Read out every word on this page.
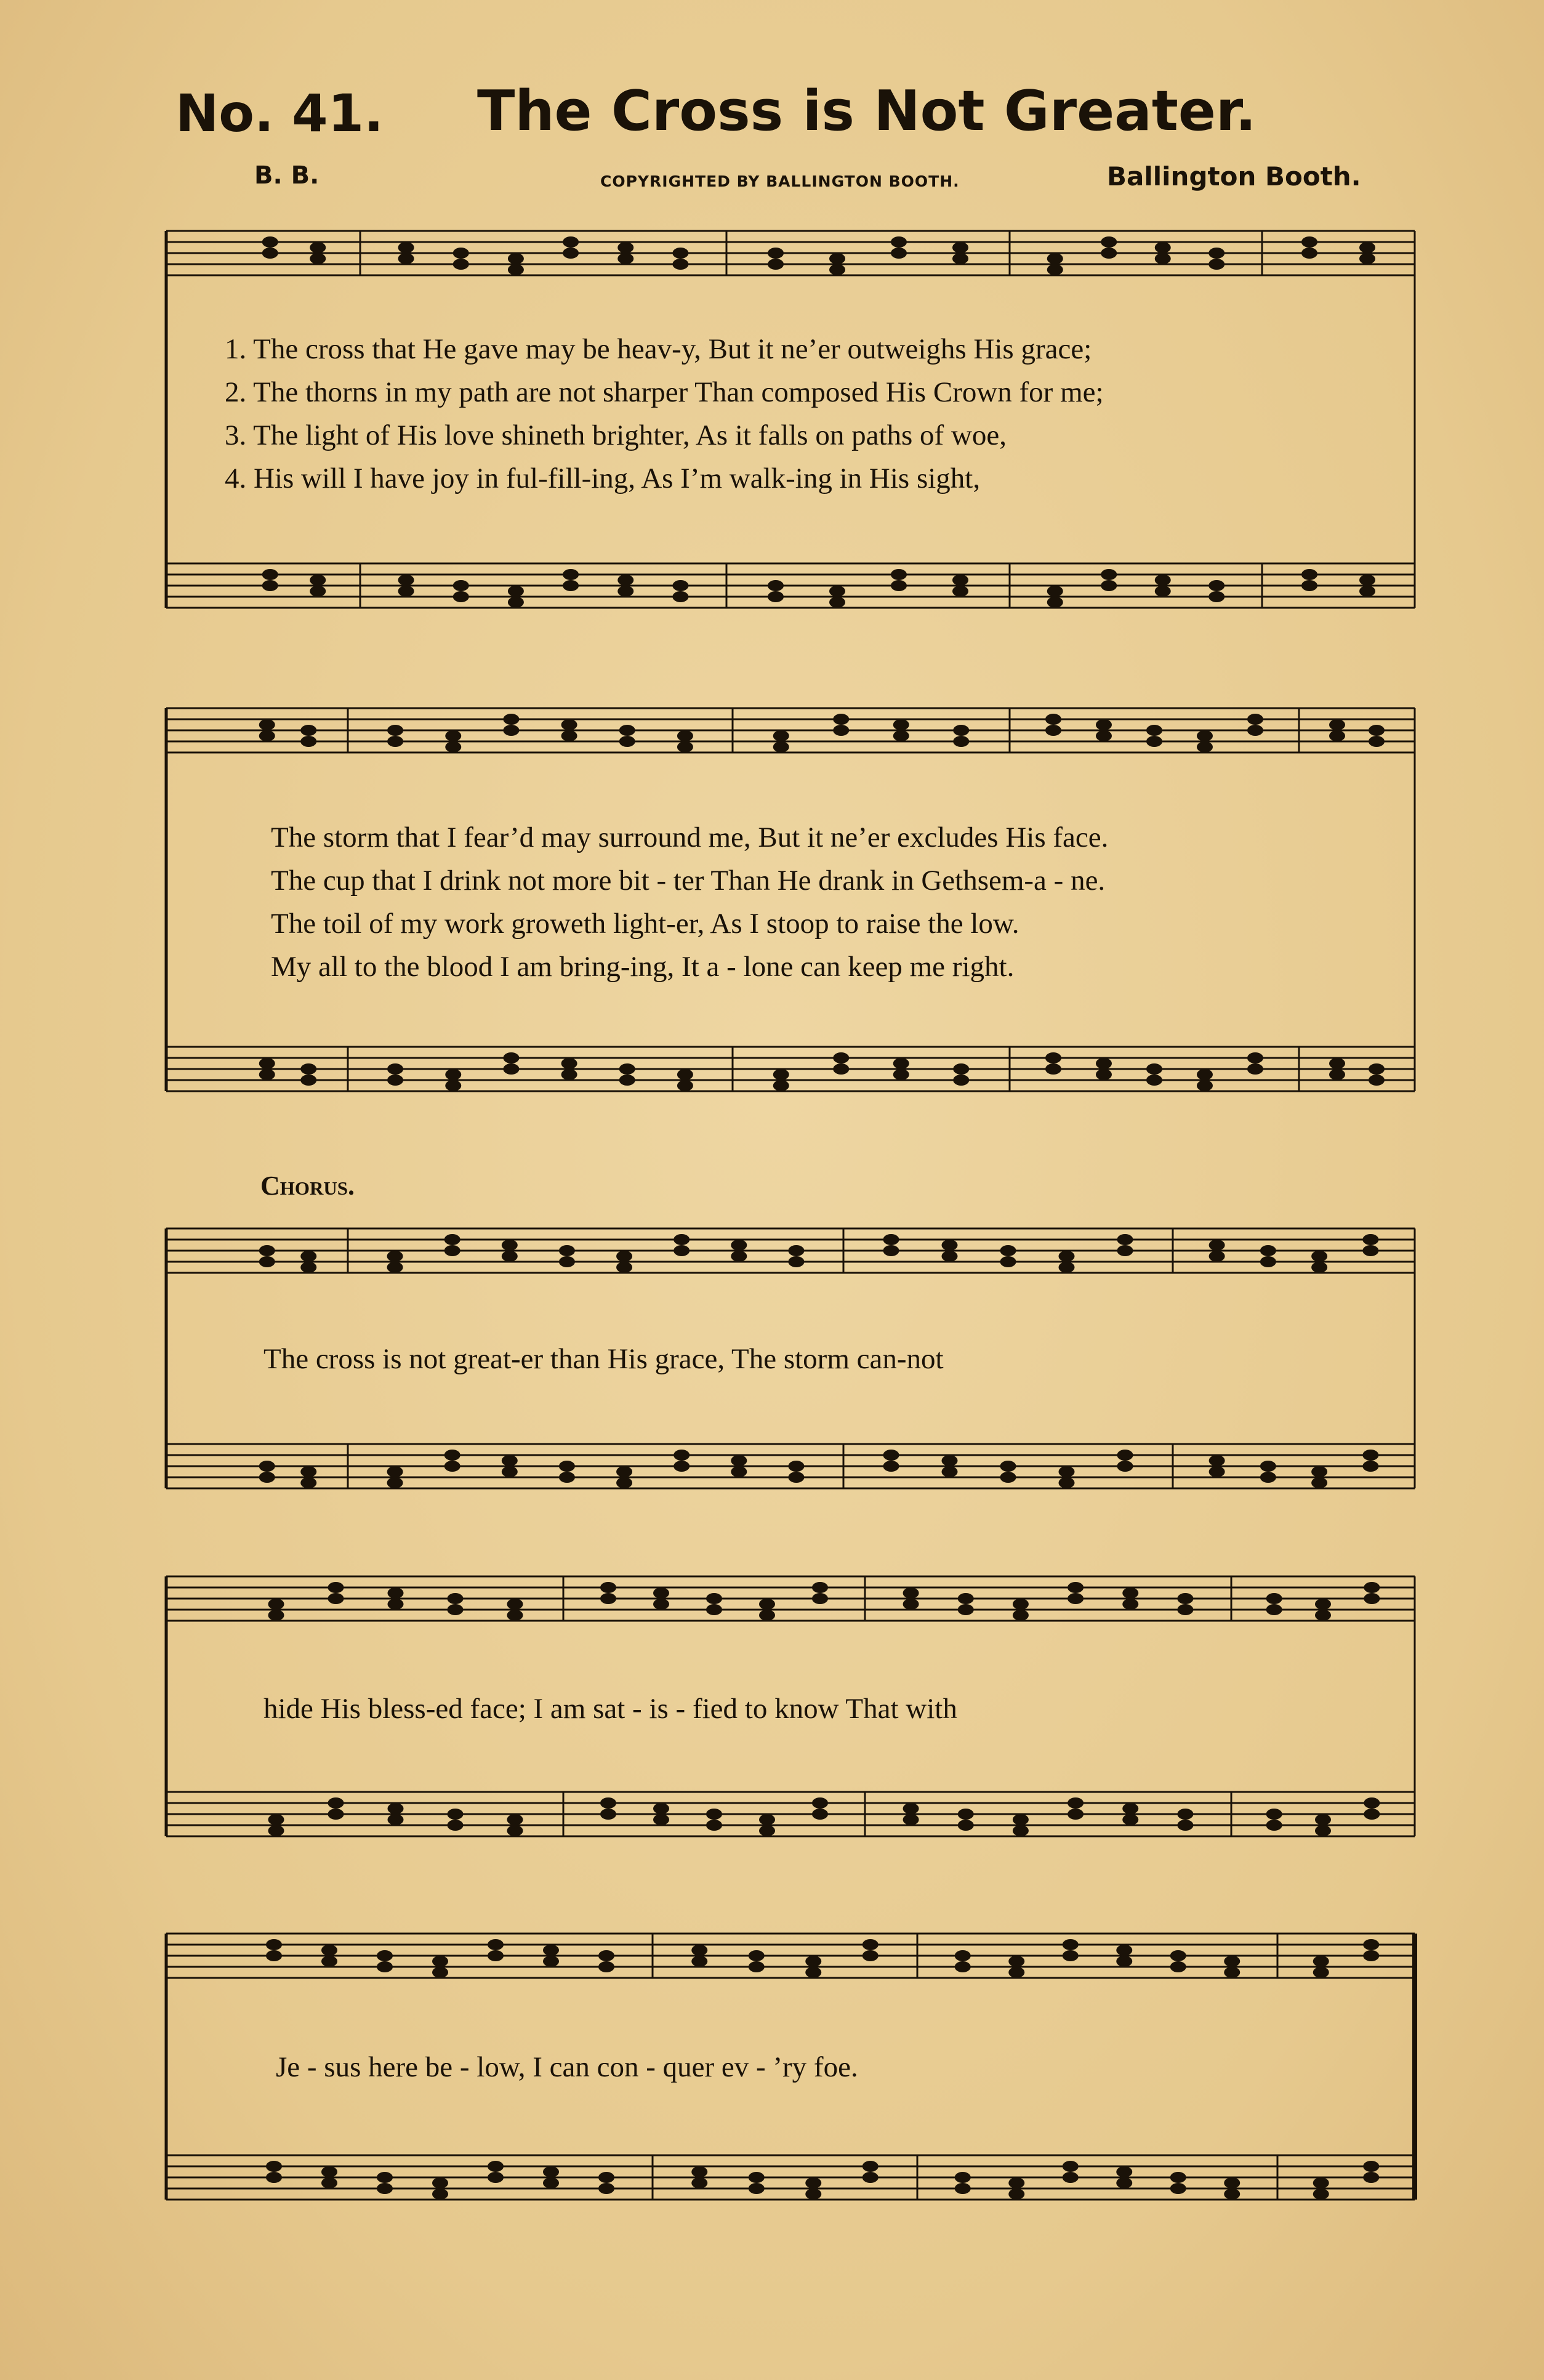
No. 41. The Cross is Not Greater.
B. B.	COPYRIGHTED BY BALLINGTON BOOTH.	Ballington Booth.
1. The cross that He gave may be heav-y, But it ne’er outweighs His grace;
2. The thorns in my path are not sharper Than composed His Crown for me;
3. The light of His love shineth brighter, As it falls on paths of woe,
4. His will I have joy in ful-fill-ing, As I’m walk-ing in His sight,
The storm that I fear’d may surround me, But it ne’er excludes His face.
The cup that I drink not more bit - ter Than He drank in Gethsem-a - ne.
The toil of my work groweth light-er, As I stoop to raise the low.
My all to the blood I am bring-ing, It a - lone can keep me right.
Chorus.
The cross is not great-er than His grace, The storm can-not
hide His bless-ed face; I am sat - is - fied to know That with
Je - sus here be - low, I can con - quer ev - ’ry foe.
